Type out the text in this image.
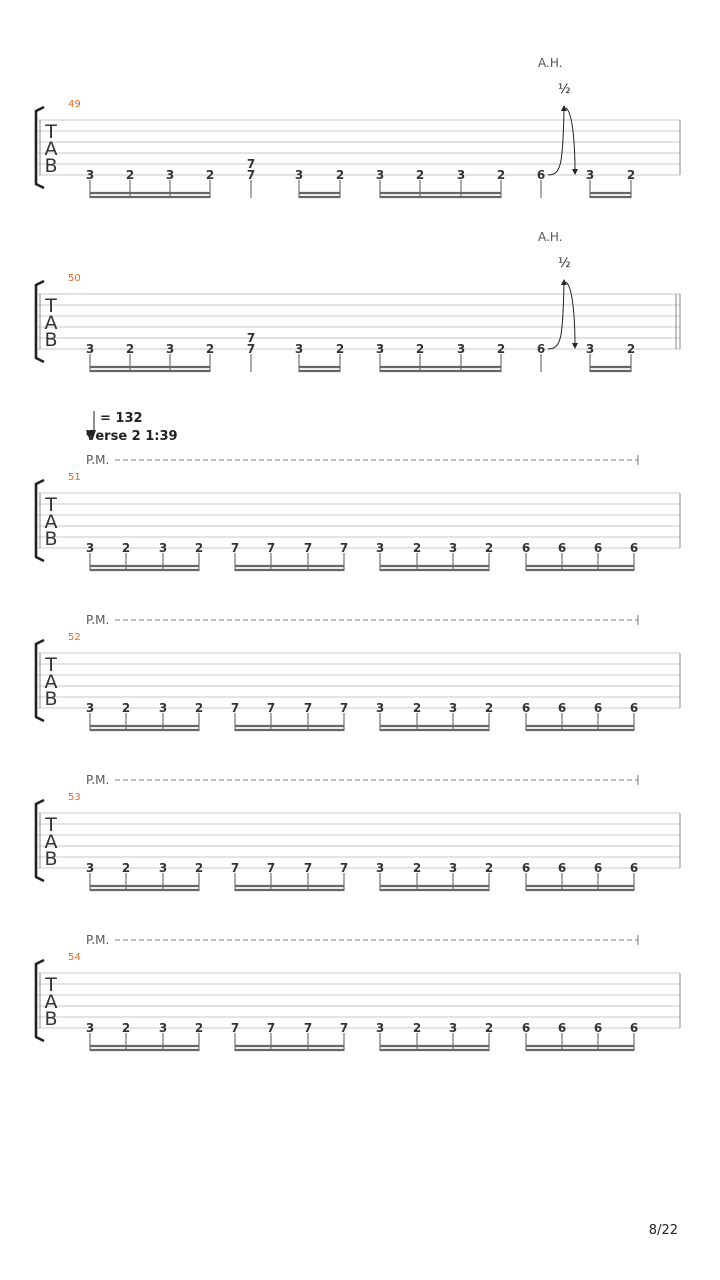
= 132
Verse 2 1:39
T
A
B
49
3	2	3	2	7
7
3	2	3	2	3	2	6	3	2
A.H.
½
T
A
B
50
3	2	3	2	7
7
3	2	3	2	3	2	6	3	2
A.H.
½
T
A
B
51
3 2 3 2 7 7 7 7 3 2 3 2 6 6 6 6
P.M.
T
A
B
52
3 2 3 2 7 7 7 7 3 2 3 2 6 6 6 6
P.M.
T
A
B
53
3 2 3 2 7 7 7 7 3 2 3 2 6 6 6 6
P.M.
T
A
B
54
3 2 3 2 7 7 7 7 3 2 3 2 6 6 6 6
P.M.
8/22
